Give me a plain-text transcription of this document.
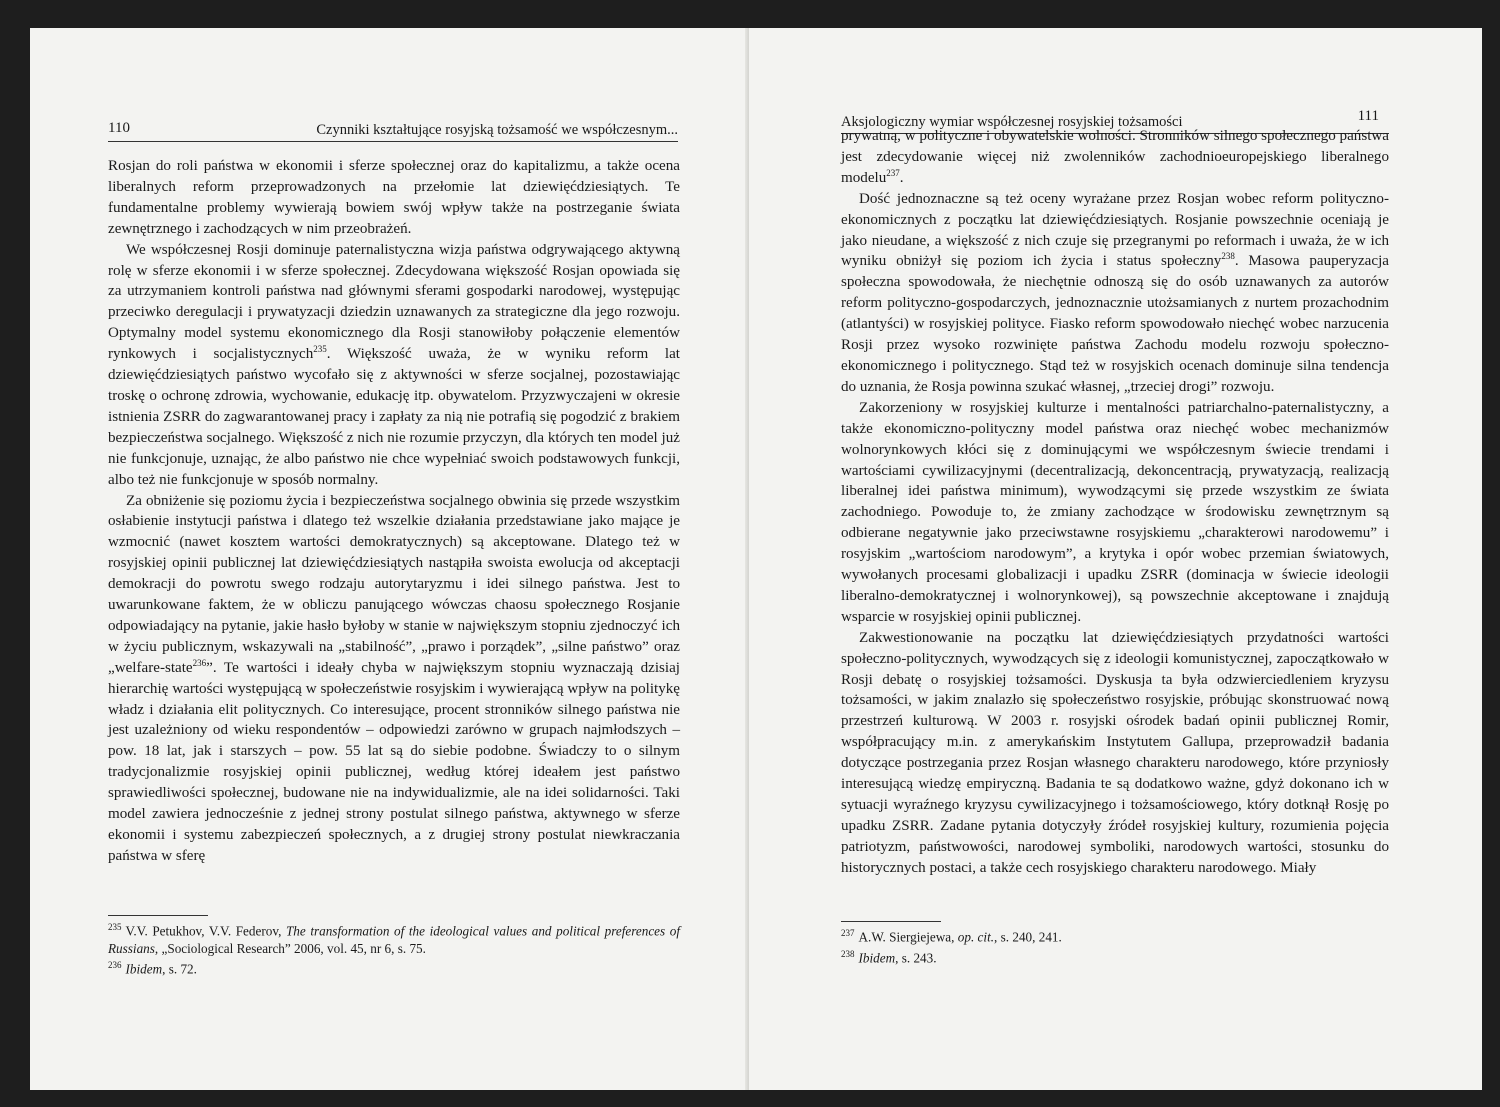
110	Czynniki kształtujące rosyjską tożsamość we współczesnym...

Rosjan do roli państwa w ekonomii i sferze społecznej oraz do kapitalizmu, a także ocena liberalnych reform przeprowadzonych na przełomie lat dziewięćdziesiątych. Te fundamentalne problemy wywierają bowiem swój wpływ także na postrzeganie świata zewnętrznego i zachodzących w nim przeobrażeń.

We współczesnej Rosji dominuje paternalistyczna wizja państwa odgrywającego aktywną rolę w sferze ekonomii i w sferze społecznej. Zdecydowana większość Rosjan opowiada się za utrzymaniem kontroli państwa nad głównymi sferami gospodarki narodowej, występując przeciwko deregulacji i prywatyzacji dziedzin uznawanych za strategiczne dla jego rozwoju. Optymalny model systemu ekonomicznego dla Rosji stanowiłoby połączenie elementów rynkowych i socjalistycznych$^{235}$. Większość uważa, że w wyniku reform lat dziewięćdziesiątych państwo wycofało się z aktywności w sferze socjalnej, pozostawiając troskę o ochronę zdrowia, wychowanie, edukację itp. obywatelom. Przyzwyczajeni w okresie istnienia ZSRR do zagwarantowanej pracy i zapłaty za nią nie potrafią się pogodzić z brakiem bezpieczeństwa socjalnego. Większość z nich nie rozumie przyczyn, dla których ten model już nie funkcjonuje, uznając, że albo państwo nie chce wypełniać swoich podstawowych funkcji, albo też nie funkcjonuje w sposób normalny.

Za obniżenie się poziomu życia i bezpieczeństwa socjalnego obwinia się przede wszystkim osłabienie instytucji państwa i dlatego też wszelkie działania przedstawiane jako mające je wzmocnić (nawet kosztem wartości demokratycznych) są akceptowane. Dlatego też w rosyjskiej opinii publicznej lat dziewięćdziesiątych nastąpiła swoista ewolucja od akceptacji demokracji do powrotu swego rodzaju autorytaryzmu i idei silnego państwa. Jest to uwarunkowane faktem, że w obliczu panującego wówczas chaosu społecznego Rosjanie odpowiadający na pytanie, jakie hasło byłoby w stanie w największym stopniu zjednoczyć ich w życiu publicznym, wskazywali na „stabilność”, „prawo i porządek”, „silne państwo” oraz „welfare-state$^{236}$”. Te wartości i ideały chyba w największym stopniu wyznaczają dzisiaj hierarchię wartości występującą w społeczeństwie rosyjskim i wywierającą wpływ na politykę władz i działania elit politycznych. Co interesujące, procent stronników silnego państwa nie jest uzależniony od wieku respondentów – odpowiedzi zarówno w grupach najmłodszych – pow. 18 lat, jak i starszych – pow. 55 lat są do siebie podobne. Świadczy to o silnym tradycjonalizmie rosyjskiej opinii publicznej, według której ideałem jest państwo sprawiedliwości społecznej, budowane nie na indywidualizmie, ale na idei solidarności. Taki model zawiera jednocześnie z jednej strony postulat silnego państwa, aktywnego w sferze ekonomii i systemu zabezpieczeń społecznych, a z drugiej strony postulat niewkraczania państwa w sferę

$^{235}$ V.V. Petukhov, V.V. Federov, The transformation of the ideological values and political preferences of Russians, „Sociological Research” 2006, vol. 45, nr 6, s. 75.

$^{236}$ Ibidem, s. 72.

Aksjologiczny wymiar współczesnej rosyjskiej tożsamości	111

prywatną, w polityczne i obywatelskie wolności. Stronników silnego społecznego państwa jest zdecydowanie więcej niż zwolenników zachodnioeuropejskiego liberalnego modelu$^{237}$.

Dość jednoznaczne są też oceny wyrażane przez Rosjan wobec reform polityczno-ekonomicznych z początku lat dziewięćdziesiątych. Rosjanie powszechnie oceniają je jako nieudane, a większość z nich czuje się przegranymi po reformach i uważa, że w ich wyniku obniżył się poziom ich życia i status społeczny$^{238}$. Masowa pauperyzacja społeczna spowodowała, że niechętnie odnoszą się do osób uznawanych za autorów reform polityczno-gospodarczych, jednoznacznie utożsamianych z nurtem prozachodnim (atlantyści) w rosyjskiej polityce. Fiasko reform spowodowało niechęć wobec narzucenia Rosji przez wysoko rozwinięte państwa Zachodu modelu rozwoju społeczno-ekonomicznego i politycznego. Stąd też w rosyjskich ocenach dominuje silna tendencja do uznania, że Rosja powinna szukać własnej, „trzeciej drogi” rozwoju.

Zakorzeniony w rosyjskiej kulturze i mentalności patriarchalno-paternalistyczny, a także ekonomiczno-polityczny model państwa oraz niechęć wobec mechanizmów wolnorynkowych kłóci się z dominującymi we współczesnym świecie trendami i wartościami cywilizacyjnymi (decentralizacją, dekoncentracją, prywatyzacją, realizacją liberalnej idei państwa minimum), wywodzącymi się przede wszystkim ze świata zachodniego. Powoduje to, że zmiany zachodzące w środowisku zewnętrznym są odbierane negatywnie jako przeciwstawne rosyjskiemu „charakterowi narodowemu” i rosyjskim „wartościom narodowym”, a krytyka i opór wobec przemian światowych, wywołanych procesami globalizacji i upadku ZSRR (dominacja w świecie ideologii liberalno-demokratycznej i wolnorynkowej), są powszechnie akceptowane i znajdują wsparcie w rosyjskiej opinii publicznej.

Zakwestionowanie na początku lat dziewięćdziesiątych przydatności wartości społeczno-politycznych, wywodzących się z ideologii komunistycznej, zapoczątkowało w Rosji debatę o rosyjskiej tożsamości. Dyskusja ta była odzwierciedleniem kryzysu tożsamości, w jakim znalazło się społeczeństwo rosyjskie, próbując skonstruować nową przestrzeń kulturową. W 2003 r. rosyjski ośrodek badań opinii publicznej Romir, współpracujący m.in. z amerykańskim Instytutem Gallupa, przeprowadził badania dotyczące postrzegania przez Rosjan własnego charakteru narodowego, które przyniosły interesującą wiedzę empiryczną. Badania te są dodatkowo ważne, gdyż dokonano ich w sytuacji wyraźnego kryzysu cywilizacyjnego i tożsamościowego, który dotknął Rosję po upadku ZSRR. Zadane pytania dotyczyły źródeł rosyjskiej kultury, rozumienia pojęcia patriotyzm, państwowości, narodowej symboliki, narodowych wartości, stosunku do historycznych postaci, a także cech rosyjskiego charakteru narodowego. Miały

$^{237}$ A.W. Siergiejewa, op. cit., s. 240, 241.

$^{238}$ Ibidem, s. 243.
